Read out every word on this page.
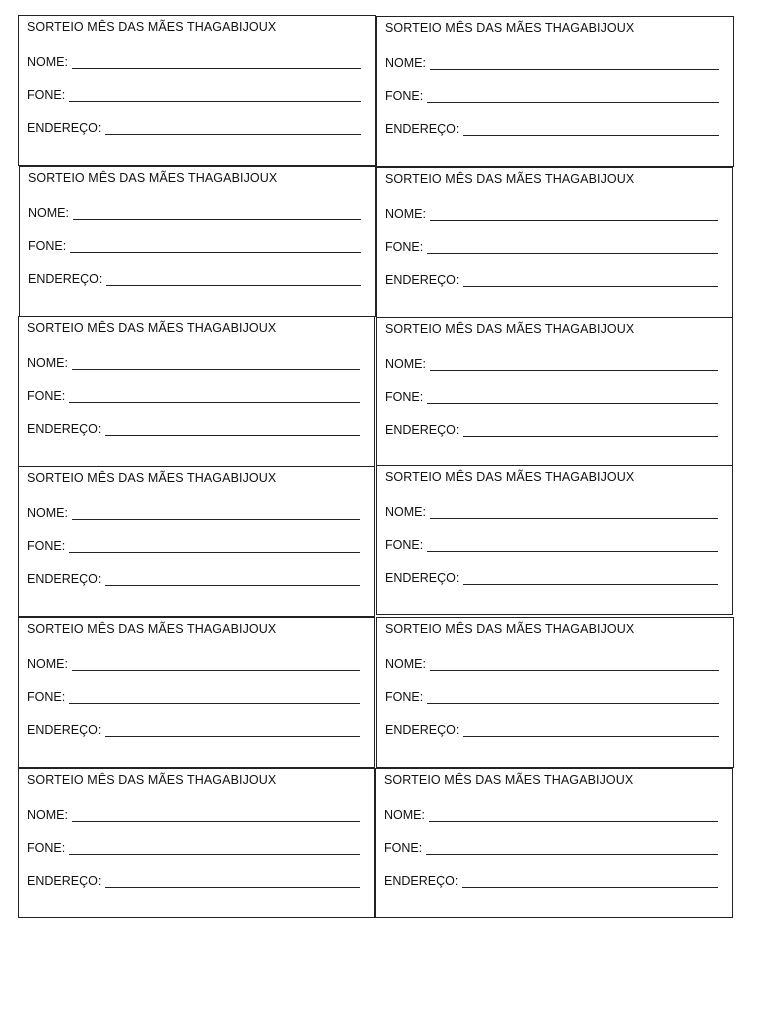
SORTEIO MÊS DAS MÃES THAGABIJOUX
NOME:
FONE:
ENDEREÇO:
SORTEIO MÊS DAS MÃES THAGABIJOUX
NOME:
FONE:
ENDEREÇO:
SORTEIO MÊS DAS MÃES THAGABIJOUX
NOME:
FONE:
ENDEREÇO:
SORTEIO MÊS DAS MÃES THAGABIJOUX
NOME:
FONE:
ENDEREÇO:
SORTEIO MÊS DAS MÃES THAGABIJOUX
NOME:
FONE:
ENDEREÇO:
SORTEIO MÊS DAS MÃES THAGABIJOUX
NOME:
FONE:
ENDEREÇO:
SORTEIO MÊS DAS MÃES THAGABIJOUX
NOME:
FONE:
ENDEREÇO:
SORTEIO MÊS DAS MÃES THAGABIJOUX
NOME:
FONE:
ENDEREÇO:
SORTEIO MÊS DAS MÃES THAGABIJOUX
NOME:
FONE:
ENDEREÇO:
SORTEIO MÊS DAS MÃES THAGABIJOUX
NOME:
FONE:
ENDEREÇO:
SORTEIO MÊS DAS MÃES THAGABIJOUX
NOME:
FONE:
ENDEREÇO:
SORTEIO MÊS DAS MÃES THAGABIJOUX
NOME:
FONE:
ENDEREÇO:
